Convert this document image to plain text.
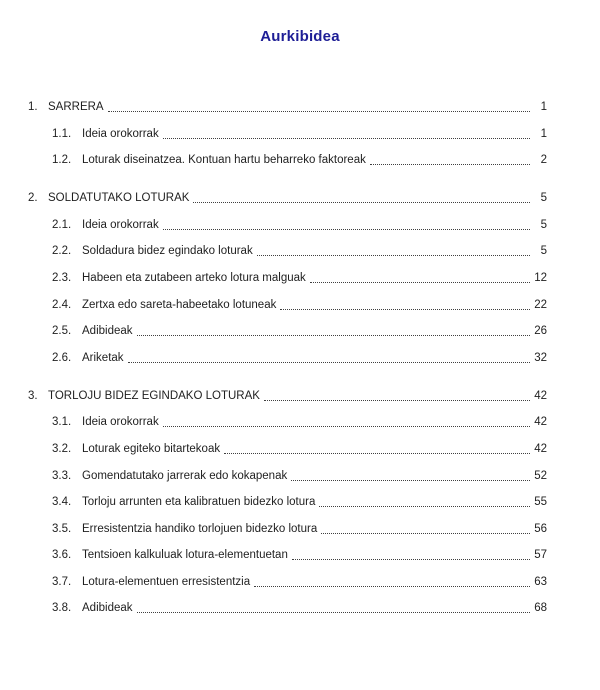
Aurkibidea
1. SARRERA	1
1.1. Ideia orokorrak	1
1.2. Loturak diseinatzea. Kontuan hartu beharreko faktoreak	2
2. SOLDATUTAKO LOTURAK	5
2.1. Ideia orokorrak	5
2.2. Soldadura bidez egindako loturak	5
2.3. Habeen eta zutabeen arteko lotura malguak	12
2.4. Zertxa edo sareta-habeetako lotuneak	22
2.5. Adibideak	26
2.6. Ariketak	32
3. TORLOJU BIDEZ EGINDAKO LOTURAK	42
3.1. Ideia orokorrak	42
3.2. Loturak egiteko bitartekoak	42
3.3. Gomendatutako jarrerak edo kokapenak	52
3.4. Torloju arrunten eta kalibratuen bidezko lotura	55
3.5. Erresistentzia handiko torlojuen bidezko lotura	56
3.6. Tentsioen kalkuluak lotura-elementuetan	57
3.7. Lotura-elementuen erresistentzia	63
3.8. Adibideak	68
